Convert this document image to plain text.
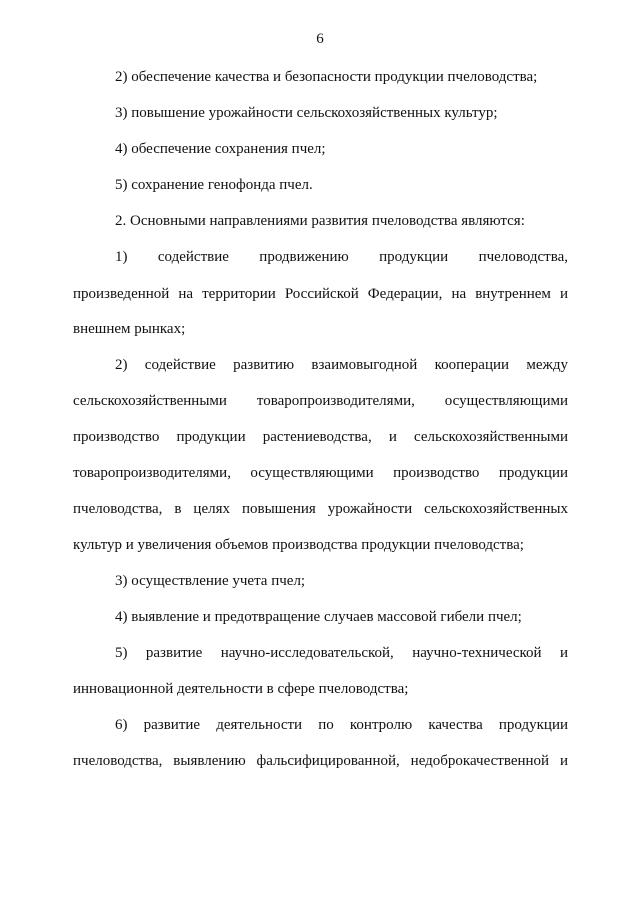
6
2) обеспечение качества и безопасности продукции пчеловодства;
3) повышение урожайности сельскохозяйственных культур;
4) обеспечение сохранения пчел;
5) сохранение генофонда пчел.
2. Основными направлениями развития пчеловодства являются:
1) содействие продвижению продукции пчеловодства,
произведенной на территории Российской Федерации, на внутреннем и
внешнем рынках;
2) содействие развитию взаимовыгодной кооперации между
сельскохозяйственными товаропроизводителями, осуществляющими
производство продукции растениеводства, и сельскохозяйственными
товаропроизводителями, осуществляющими производство продукции
пчеловодства, в целях повышения урожайности сельскохозяйственных
культур и увеличения объемов производства продукции пчеловодства;
3) осуществление учета пчел;
4) выявление и предотвращение случаев массовой гибели пчел;
5) развитие научно-исследовательской, научно-технической и
инновационной деятельности в сфере пчеловодства;
6) развитие деятельности по контролю качества продукции
пчеловодства, выявлению фальсифицированной, недоброкачественной и
